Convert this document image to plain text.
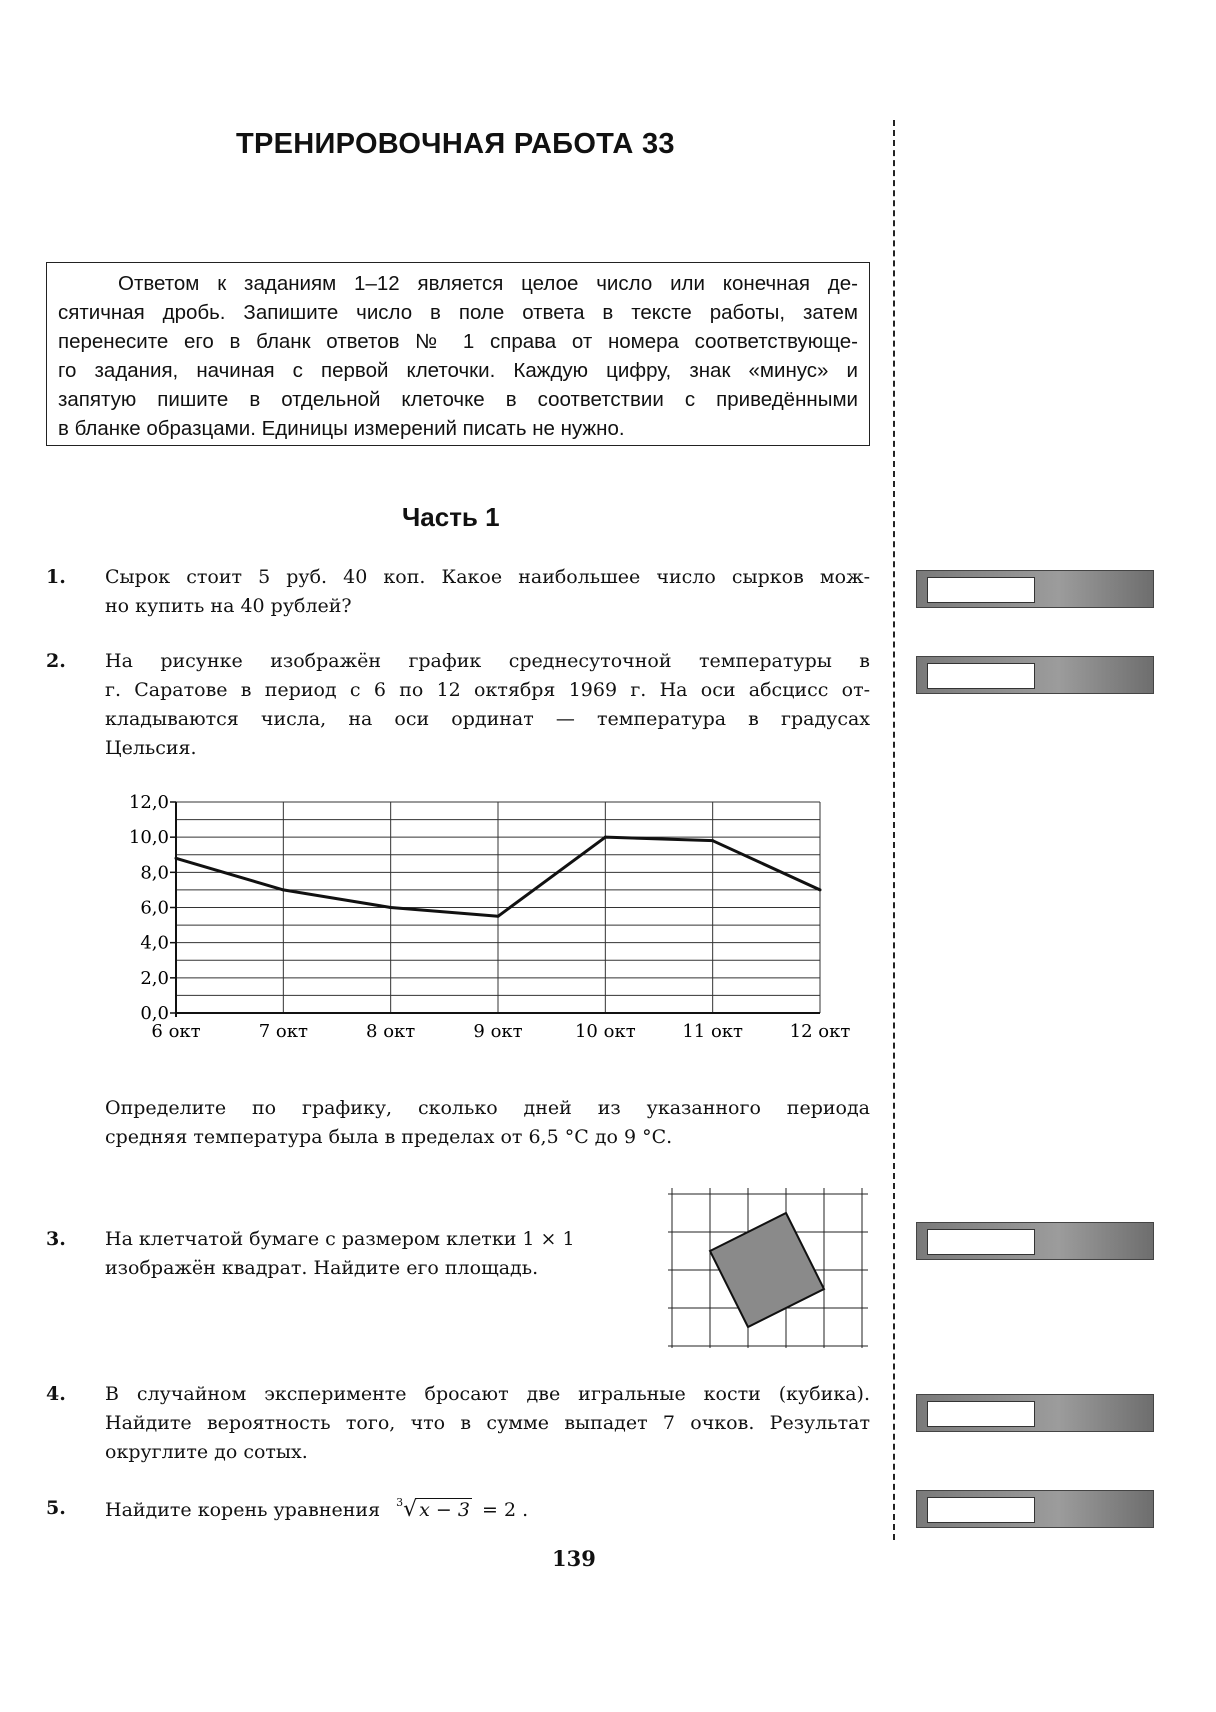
ТРЕНИРОВОЧНАЯ РАБОТА 33
Ответом к заданиям 1–12 является целое число или конечная де-
сятичная дробь. Запишите число в поле ответа в тексте работы, затем
перенесите его в бланк ответов № 1 справа от номера соответствующе-
го задания, начиная с первой клеточки. Каждую цифру, знак «минус» и
запятую пишите в отдельной клеточке в соответствии с приведёнными
в бланке образцами. Единицы измерений писать не нужно.
Часть 1
1. Сырок стоит 5 руб. 40 коп. Какое наибольшее число сырков мож-
но купить на 40 рублей?
2. На рисунке изображён график среднесуточной температуры в
г. Саратове в период с 6 по 12 октября 1969 г. На оси абсцисс от-
кладываются числа, на оси ординат — температура в градусах
Цельсия.
0,0
2,0
4,0
6,0
8,0
10,0
12,0
6 окт	7 окт	8 окт	9 окт	10 окт	11 окт	12 окт
Определите по графику, сколько дней из указанного периода
средняя температура была в пределах от 6,5 °С до 9 °С.
3. На клетчатой бумаге с размером клетки 1 × 1
изображён квадрат. Найдите его площадь.
4. В случайном эксперименте бросают две игральные кости (кубика).
Найдите вероятность того, что в сумме выпадет 7 очков. Результат
округлите до сотых.
5. Найдите корень уравнения $^3$√ x − 3 = 2 .
139
